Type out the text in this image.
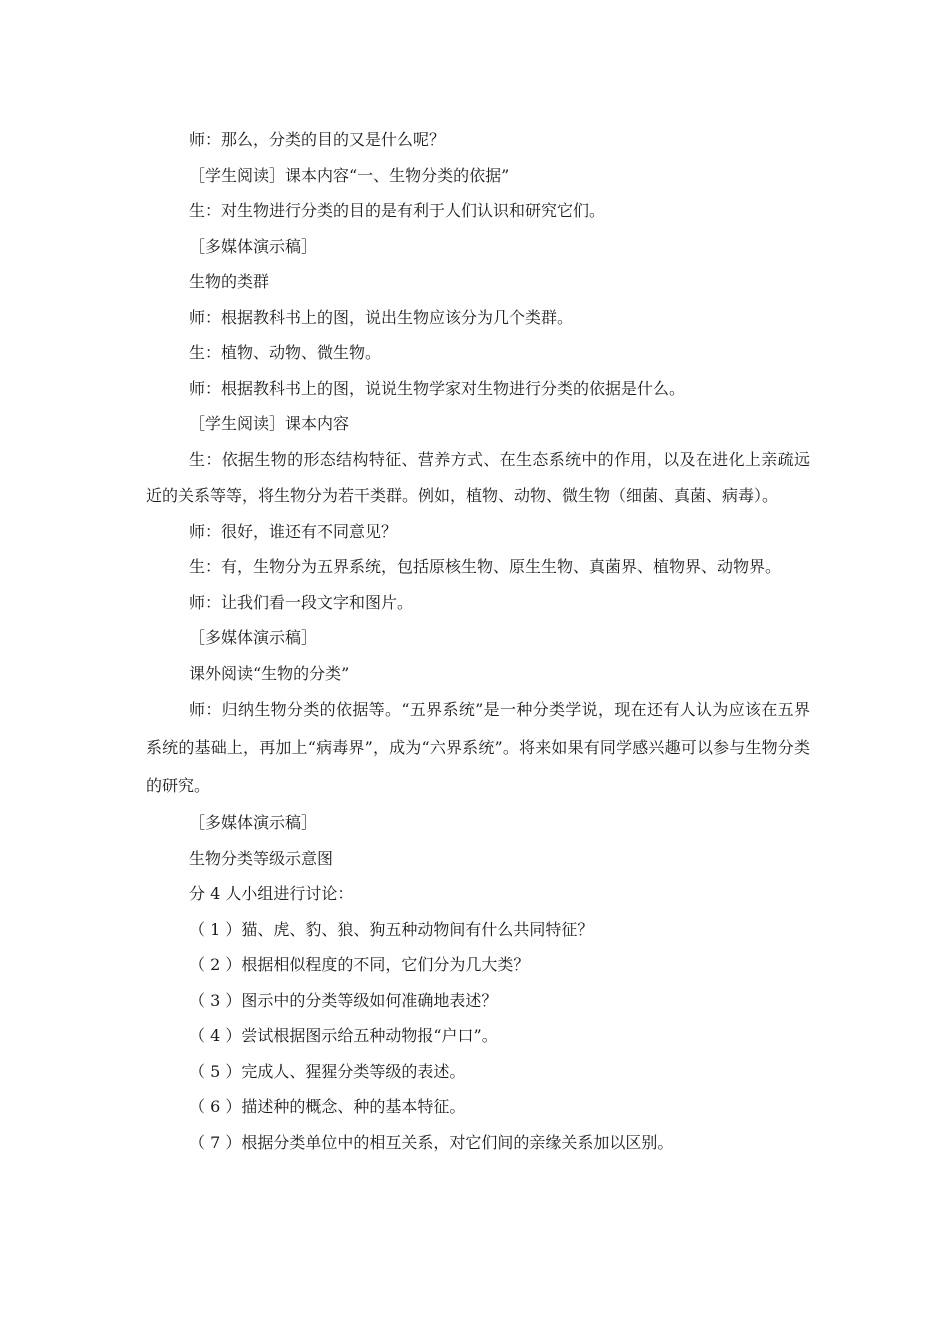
师：那么，分类的目的又是什么呢？

［学生阅读］课本内容“一、生物分类的依据”

生：对生物进行分类的目的是有利于人们认识和研究它们。

［多媒体演示稿］

生物的类群

师：根据教科书上的图，说出生物应该分为几个类群。

生：植物、动物、微生物。

师：根据教科书上的图，说说生物学家对生物进行分类的依据是什么。

［学生阅读］课本内容

生：依据生物的形态结构特征、营养方式、在生态系统中的作用，以及在进化上亲疏远近的关系等等，将生物分为若干类群。例如，植物、动物、微生物（细菌、真菌、病毒）。

师：很好，谁还有不同意见？

生：有，生物分为五界系统，包括原核生物、原生生物、真菌界、植物界、动物界。

师：让我们看一段文字和图片。

［多媒体演示稿］

课外阅读“生物的分类”

师：归纳生物分类的依据等。“五界系统”是一种分类学说，现在还有人认为应该在五界系统的基础上，再加上“病毒界”，成为“六界系统”。将来如果有同学感兴趣可以参与生物分类的研究。

［多媒体演示稿］

生物分类等级示意图

分 4 人小组进行讨论：

（ 1 ）猫、虎、豹、狼、狗五种动物间有什么共同特征？

（ 2 ）根据相似程度的不同，它们分为几大类？

（ 3 ）图示中的分类等级如何准确地表述？

（ 4 ）尝试根据图示给五种动物报“户口”。

（ 5 ）完成人、猩猩分类等级的表述。

（ 6 ）描述种的概念、种的基本特征。

（ 7 ）根据分类单位中的相互关系，对它们间的亲缘关系加以区别。
